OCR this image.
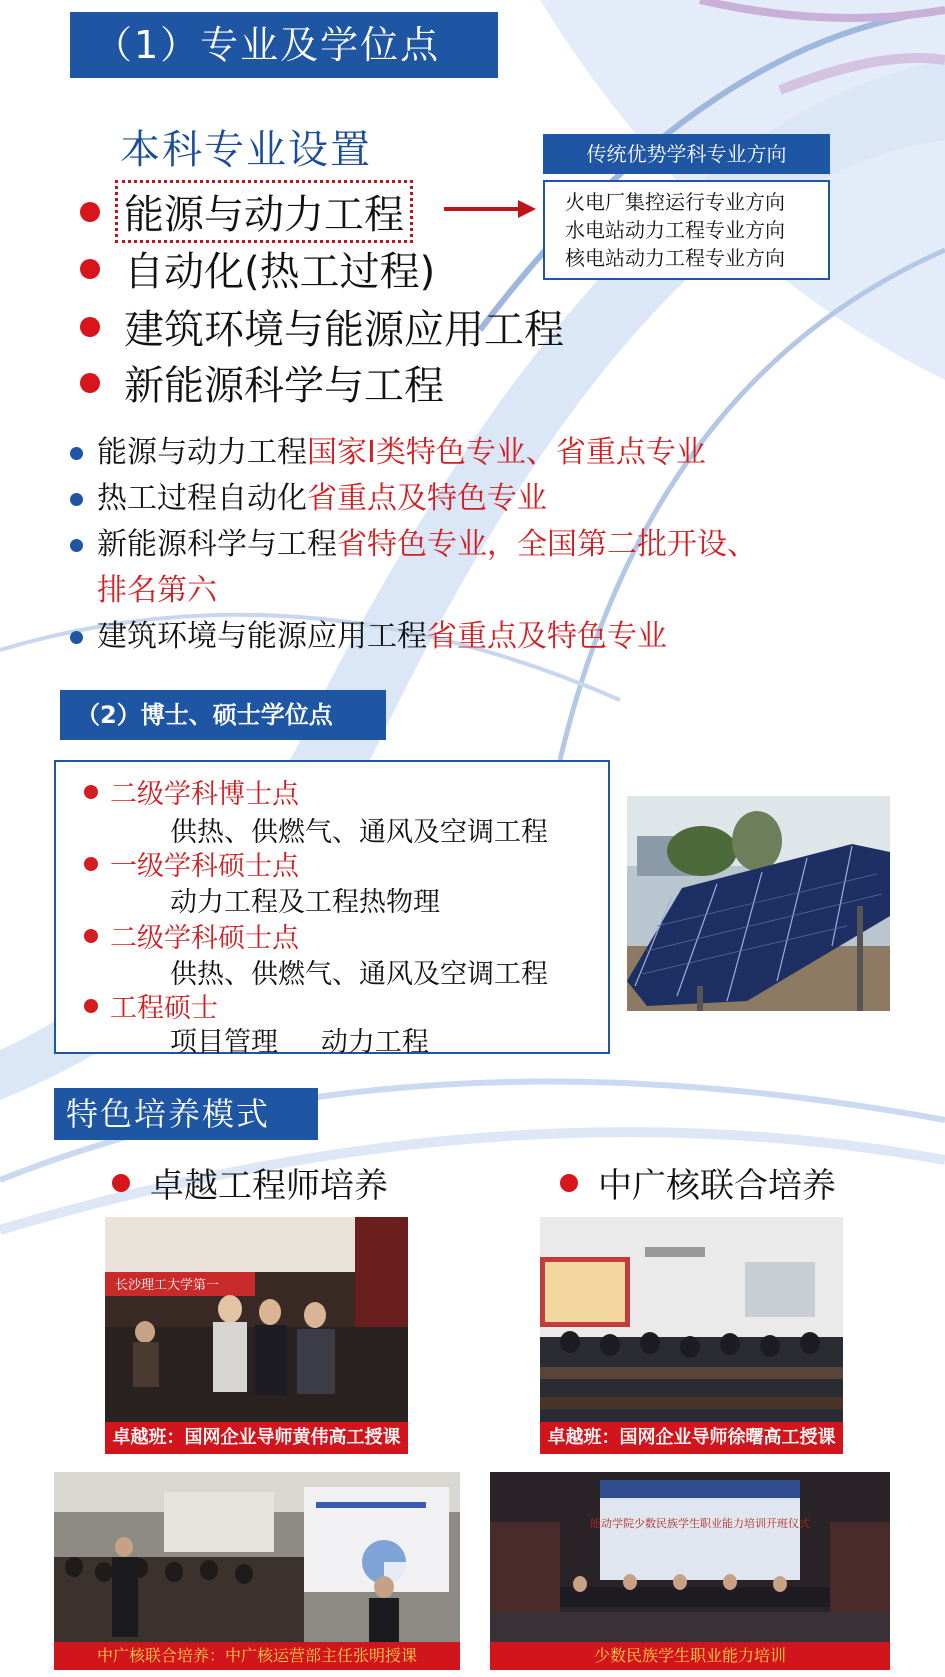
（1）专业及学位点
本科专业设置
能源与动力工程
自动化(热工过程)
建筑环境与能源应用工程
新能源科学与工程
传统优势学科专业方向
火电厂集控运行专业方向
水电站动力工程专业方向
核电站动力工程专业方向
能源与动力工程国家Ⅰ类特色专业、省重点专业
热工过程自动化省重点及特色专业
新能源科学与工程省特色专业，全国第二批开设、
排名第六
建筑环境与能源应用工程省重点及特色专业
（2）博士、硕士学位点
二级学科博士点
供热、供燃气、通风及空调工程
一级学科硕士点
动力工程及工程热物理
二级学科硕士点
供热、供燃气、通风及空调工程
工程硕士
项目管理     动力工程
特色培养模式
卓越工程师培养	中广核联合培养
长沙理工大学第一
卓越班：国网企业导师黄伟高工授课	卓越班：国网企业导师徐曙高工授课
中广核联合培养：中广核运营部主任张明授课
能动学院少数民族学生职业能力培训开班仪式
少数民族学生职业能力培训
